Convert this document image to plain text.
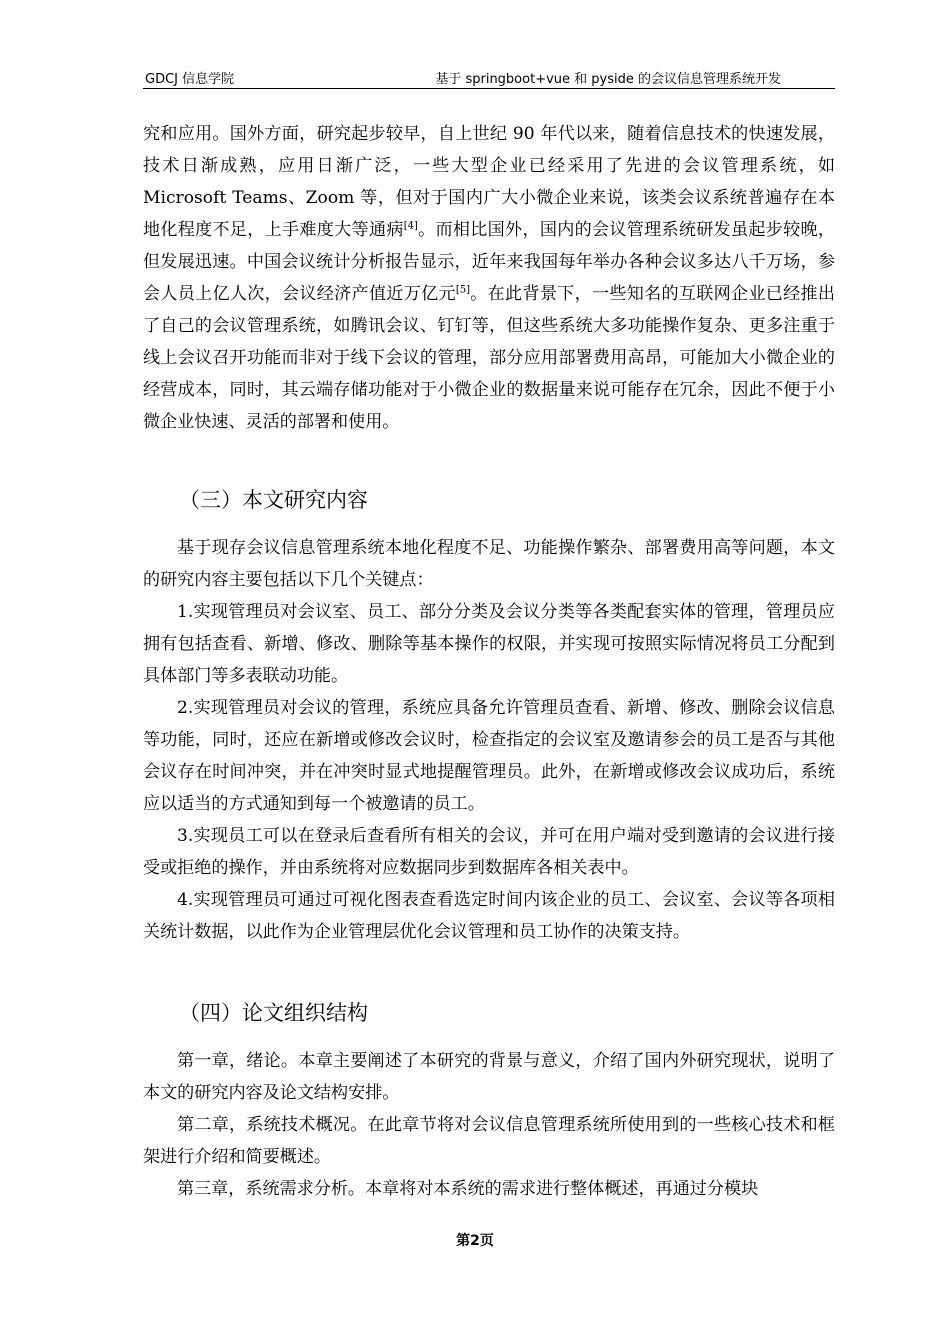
GDCJ 信息学院	基于 springboot+vue 和 pyside 的会议信息管理系统开发

究和应用。国外方面，研究起步较早，自上世纪 90 年代以来，随着信息技术的快速发展，技术日渐成熟，应用日渐广泛，一些大型企业已经采用了先进的会议管理系统，如 Microsoft Teams、Zoom 等，但对于国内广大小微企业来说，该类会议系统普遍存在本地化程度不足，上手难度大等通病[4]。而相比国外，国内的会议管理系统研发虽起步较晚，但发展迅速。中国会议统计分析报告显示，近年来我国每年举办各种会议多达八千万场，参会人员上亿人次，会议经济产值近万亿元[5]。在此背景下，一些知名的互联网企业已经推出了自己的会议管理系统，如腾讯会议、钉钉等，但这些系统大多功能操作复杂、更多注重于线上会议召开功能而非对于线下会议的管理，部分应用部署费用高昂，可能加大小微企业的经营成本，同时，其云端存储功能对于小微企业的数据量来说可能存在冗余，因此不便于小微企业快速、灵活的部署和使用。

（三）本文研究内容

基于现存会议信息管理系统本地化程度不足、功能操作繁杂、部署费用高等问题，本文的研究内容主要包括以下几个关键点：

1.实现管理员对会议室、员工、部分分类及会议分类等各类配套实体的管理，管理员应拥有包括查看、新增、修改、删除等基本操作的权限，并实现可按照实际情况将员工分配到具体部门等多表联动功能。

2.实现管理员对会议的管理，系统应具备允许管理员查看、新增、修改、删除会议信息等功能，同时，还应在新增或修改会议时，检查指定的会议室及邀请参会的员工是否与其他会议存在时间冲突，并在冲突时显式地提醒管理员。此外，在新增或修改会议成功后，系统应以适当的方式通知到每一个被邀请的员工。

3.实现员工可以在登录后查看所有相关的会议，并可在用户端对受到邀请的会议进行接受或拒绝的操作，并由系统将对应数据同步到数据库各相关表中。

4.实现管理员可通过可视化图表查看选定时间内该企业的员工、会议室、会议等各项相关统计数据，以此作为企业管理层优化会议管理和员工协作的决策支持。

（四）论文组织结构

第一章，绪论。本章主要阐述了本研究的背景与意义，介绍了国内外研究现状，说明了本文的研究内容及论文结构安排。

第二章，系统技术概况。在此章节将对会议信息管理系统所使用到的一些核心技术和框架进行介绍和简要概述。

第三章，系统需求分析。本章将对本系统的需求进行整体概述，再通过分模块

第2页
